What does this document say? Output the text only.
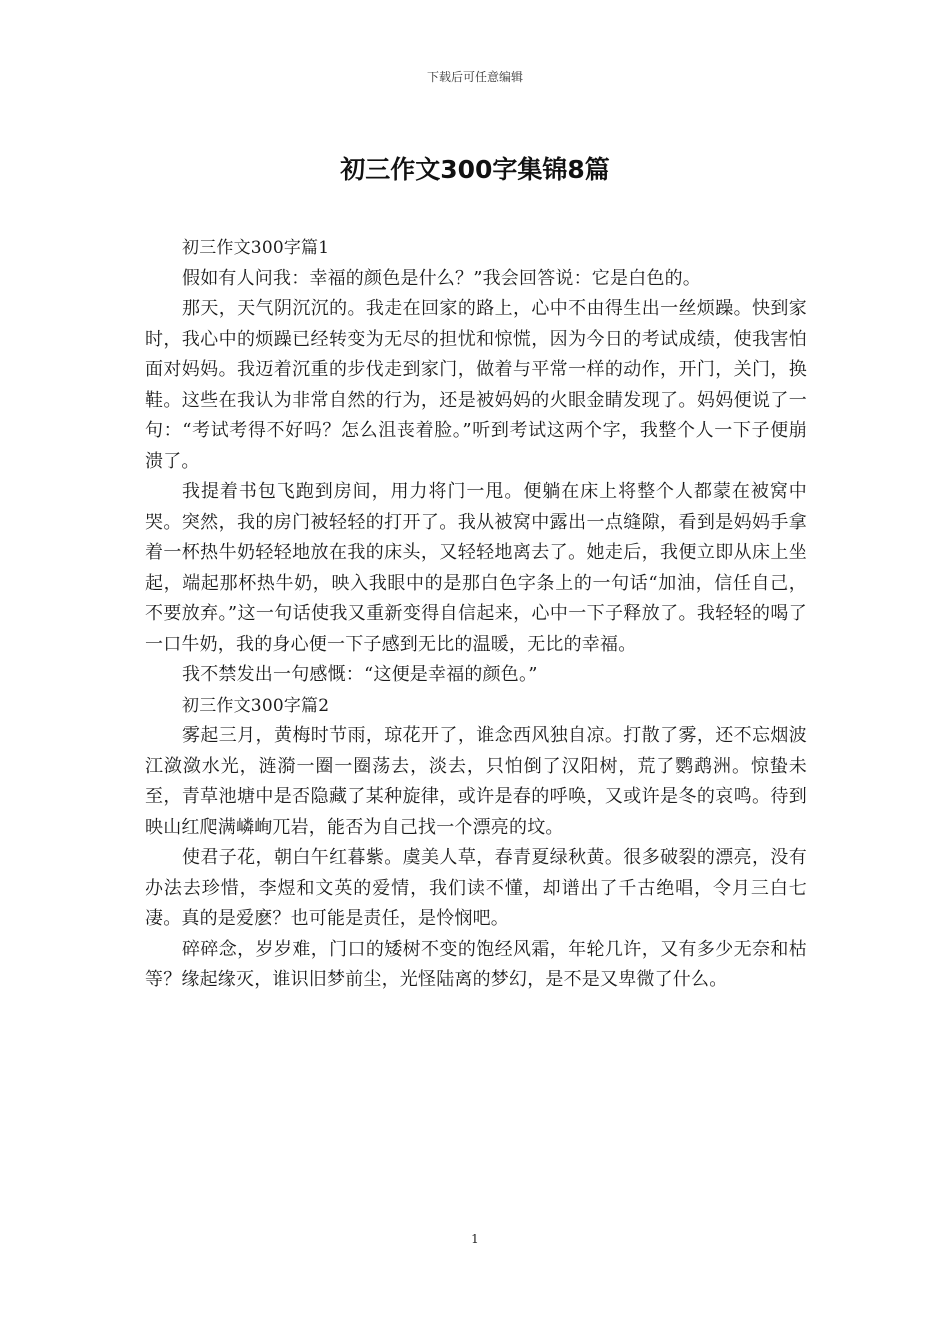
下载后可任意编辑
初三作文300字集锦8篇

初三作文300字篇1

假如有人问我：幸福的颜色是什么？”我会回答说：它是白色的。

那天，天气阴沉沉的。我走在回家的路上，心中不由得生出一丝烦躁。快到家时，我心中的烦躁已经转变为无尽的担忧和惊慌，因为今日的考试成绩，使我害怕面对妈妈。我迈着沉重的步伐走到家门，做着与平常一样的动作，开门，关门，换鞋。这些在我认为非常自然的行为，还是被妈妈的火眼金睛发现了。妈妈便说了一句：“考试考得不好吗？怎么沮丧着脸。”听到考试这两个字，我整个人一下子便崩溃了。

我提着书包飞跑到房间，用力将门一甩。便躺在床上将整个人都蒙在被窝中哭。突然，我的房门被轻轻的打开了。我从被窝中露出一点缝隙，看到是妈妈手拿着一杯热牛奶轻轻地放在我的床头，又轻轻地离去了。她走后，我便立即从床上坐起，端起那杯热牛奶，映入我眼中的是那白色字条上的一句话“加油，信任自己，不要放弃。”这一句话使我又重新变得自信起来，心中一下子释放了。我轻轻的喝了一口牛奶，我的身心便一下子感到无比的温暖，无比的幸福。

我不禁发出一句感慨：“这便是幸福的颜色。”

初三作文300字篇2

雾起三月，黄梅时节雨，琼花开了，谁念西风独自凉。打散了雾，还不忘烟波江潋潋水光，涟漪一圈一圈荡去，淡去，只怕倒了汉阳树，荒了鹦鹉洲。惊蛰未至，青草池塘中是否隐藏了某种旋律，或许是春的呼唤，又或许是冬的哀鸣。待到映山红爬满嶙峋兀岩，能否为自己找一个漂亮的坟。

使君子花，朝白午红暮紫。虞美人草，春青夏绿秋黄。很多破裂的漂亮，没有办法去珍惜，李煜和文英的爱情，我们读不懂，却谱出了千古绝唱，令月三白七凄。真的是爱麽？也可能是责任，是怜悯吧。

碎碎念，岁岁难，门口的矮树不变的饱经风霜，年轮几许，又有多少无奈和枯等？缘起缘灭，谁识旧梦前尘，光怪陆离的梦幻，是不是又卑微了什么。

1
